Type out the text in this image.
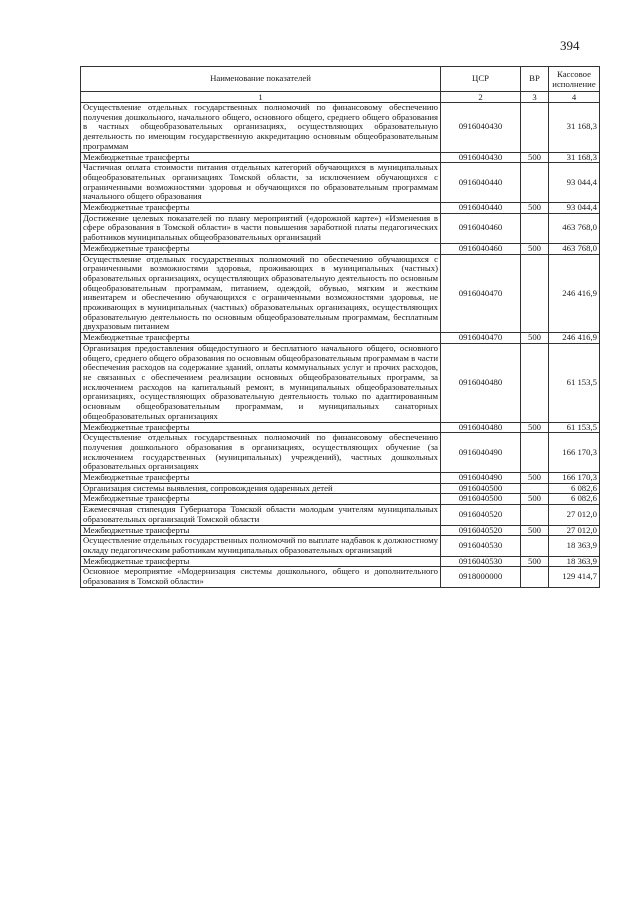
394
Наименование показателей	ЦСР	ВР	Кассовое исполнение
1	2	3	4
Осуществление отдельных государственных полномочий по финансовому обеспечению получения дошкольного, начального общего, основного общего, среднего общего образования в частных общеобразовательных организациях, осуществляющих образовательную деятельность по имеющим государственную аккредитацию основным общеобразовательным программам	0916040430		31 168,3
Межбюджетные трансферты	0916040430	500	31 168,3
Частичная оплата стоимости питания отдельных категорий обучающихся в муниципальных общеобразовательных организациях Томской области, за исключением обучающихся с ограниченными возможностями здоровья и обучающихся по образовательным программам начального общего образования	0916040440		93 044,4
Межбюджетные трансферты	0916040440	500	93 044,4
Достижение целевых показателей по плану мероприятий («дорожной карте») «Изменения в сфере образования в Томской области» в части повышения заработной платы педагогических работников муниципальных общеобразовательных организаций	0916040460		463 768,0
Межбюджетные трансферты	0916040460	500	463 768,0
Осуществление отдельных государственных полномочий по обеспечению обучающихся с ограниченными возможностями здоровья, проживающих в муниципальных (частных) образовательных организациях, осуществляющих образовательную деятельность по основным общеобразовательным программам, питанием, одеждой, обувью, мягким и жестким инвентарем и обеспечению обучающихся с ограниченными возможностями здоровья, не проживающих в муниципальных (частных) образовательных организациях, осуществляющих образовательную деятельность по основным общеобразовательным программам, бесплатным двухразовым питанием	0916040470		246 416,9
Межбюджетные трансферты	0916040470	500	246 416,9
Организация предоставления общедоступного и бесплатного начального общего, основного общего, среднего общего образования по основным общеобразовательным программам в части обеспечения расходов на содержание зданий, оплаты коммунальных услуг и прочих расходов, не связанных с обеспечением реализации основных общеобразовательных программ, за исключением расходов на капитальный ремонт, в муниципальных общеобразовательных организациях, осуществляющих образовательную деятельность только по адаптированным основным общеобразовательным программам, и муниципальных санаторных общеобразовательных организациях	0916040480		61 153,5
Межбюджетные трансферты	0916040480	500	61 153,5
Осуществление отдельных государственных полномочий по финансовому обеспечению получения дошкольного образования в организациях, осуществляющих обучение (за исключением государственных (муниципальных) учреждений), частных дошкольных образовательных организациях	0916040490		166 170,3
Межбюджетные трансферты	0916040490	500	166 170,3
Организация системы выявления, сопровождения одаренных детей	0916040500		6 082,6
Межбюджетные трансферты	0916040500	500	6 082,6
Ежемесячная стипендия Губернатора Томской области молодым учителям муниципальных образовательных организаций Томской области	0916040520		27 012,0
Межбюджетные трансферты	0916040520	500	27 012,0
Осуществление отдельных государственных полномочий по выплате надбавок к должностному окладу педагогическим работникам муниципальных образовательных организаций	0916040530		18 363,9
Межбюджетные трансферты	0916040530	500	18 363,9
Основное мероприятие «Модернизация системы дошкольного, общего и дополнительного образования в Томской области»	0918000000		129 414,7
